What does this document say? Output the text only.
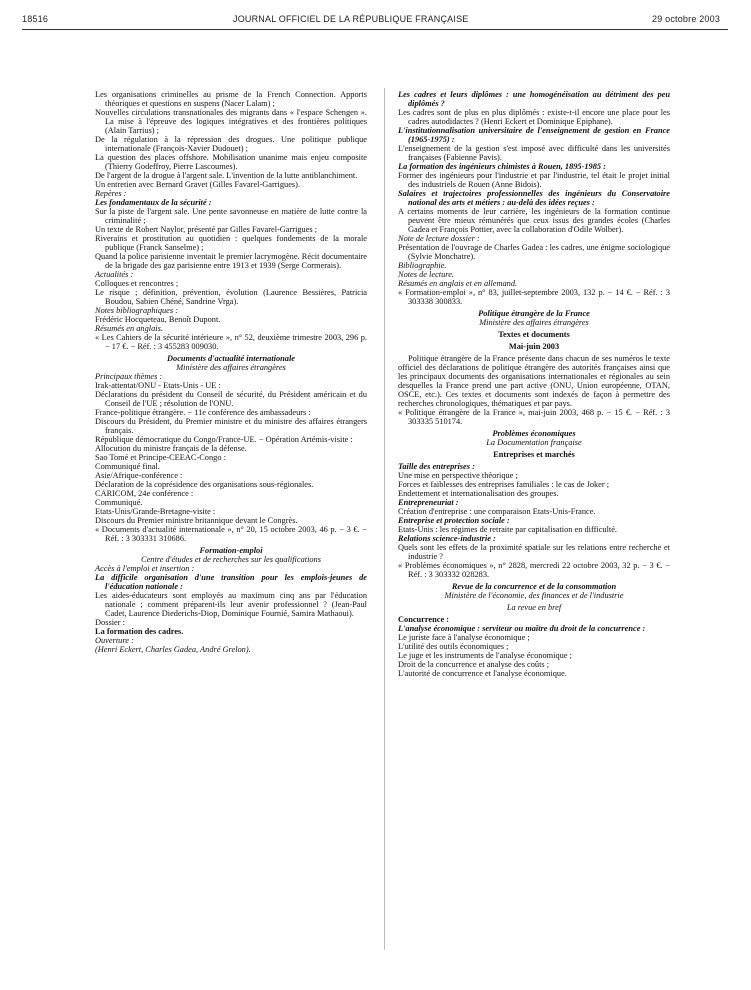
18516	JOURNAL OFFICIEL DE LA RÉPUBLIQUE FRANÇAISE	29 octobre 2003

Les organisations criminelles au prisme de la French Connection. Apports théoriques et questions en suspens (Nacer Lalam) ;

Nouvelles circulations transnationales des migrants dans « l'espace Schengen ». La mise à l'épreuve des logiques intégratives et des frontières politiques (Alain Tarrius) ;

De la régulation à la répression des drogues. Une politique publique internationale (François-Xavier Dudouet) ;

La question des places offshore. Mobilisation unanime mais enjeu composite (Thierry Godeffroy, Pierre Lascoumes).

De l'argent de la drogue à l'argent sale. L'invention de la lutte antiblanchiment.

Un entretien avec Bernard Gravet (Gilles Favarel-Garrigues).

Repères :

Les fondamentaux de la sécurité :

Sur la piste de l'argent sale. Une pente savonneuse en matière de lutte contre la criminalité ;

Un texte de Robert Naylor, présenté par Gilles Favarel-Garrigues ;

Riverains et prostitution au quotidien : quelques fondements de la morale publique (Franck Sanselme) ;

Quand la police parisienne inventait le premier lacrymogène. Récit documentaire de la brigade des gaz parisienne entre 1913 et 1939 (Serge Cormerais).

Actualités :

Colloques et rencontres ;

Le risque ; définition, prévention, évolution (Laurence Bessières, Patricia Boudou, Sabien Chéné, Sandrine Vrga).

Notes bibliographiques :

Frédéric Hocqueteau, Benoît Dupont.

Résumés en anglais.

« Les Cahiers de la sécurité intérieure », n° 52, deuxième trimestre 2003, 296 p. − 17 €. − Réf. : 3 455283 009030.

Documents d'actualité internationale

Ministère des affaires étrangères

Principaux thèmes :

Irak-attentat/ONU - Etats-Unis - UE :

Déclarations du président du Conseil de sécurité, du Président américain et du Conseil de l'UE ; résolution de l'ONU.

France-politique étrangère. − 11e conférence des ambassadeurs :

Discours du Président, du Premier ministre et du ministre des affaires étrangers français.

République démocratique du Congo/France-UE. − Opération Artémis-visite :

Allocution du ministre français de la défense.

Sao Tomé et Principe-CEEAC-Congo :

Communiqué final.

Asie/Afrique-conférence :

Déclaration de la coprésidence des organisations sous-régionales.

CARICOM, 24e conférence :

Communiqué.

Etats-Unis/Grande-Bretagne-visite :

Discours du Premier ministre britannique devant le Congrès.

« Documents d'actualité internationale », n° 20, 15 octobre 2003, 46 p. − 3 €. − Réf. : 3 303331 310686.

Formation-emploi

Centre d'études et de recherches sur les qualifications

Accès à l'emploi et insertion :

La difficile organisation d'une transition pour les emplois-jeunes de l'éducation nationale :

Les aides-éducateurs sont employés au maximum cinq ans par l'éducation nationale ; comment préparent-ils leur avenir professionnel ? (Jean-Paul Cadet, Laurence Diederichs-Diop, Dominique Fournié, Samira Mathaoui).

Dossier :

La formation des cadres.

Ouverture :

(Henri Eckert, Charles Gadea, André Grelon).

Les cadres et leurs diplômes : une homogénéisation au détriment des peu diplômés ?

Les cadres sont de plus en plus diplômés : existe-t-il encore une place pour les cadres autodidactes ? (Henri Eckert et Dominique Epiphane).

L'institutionnalisation universitaire de l'enseignement de gestion en France (1965-1975) :

L'enseignement de la gestion s'est imposé avec difficulté dans les universités françaises (Fabienne Pavis).

La formation des ingénieurs chimistes à Rouen, 1895-1985 :

Former des ingénieurs pour l'industrie et par l'industrie, tel était le projet initial des industriels de Rouen (Anne Bidois).

Salaires et trajectoires professionnelles des ingénieurs du Conservatoire national des arts et métiers : au-delà des idées reçues :

A certains moments de leur carrière, les ingénieurs de la formation continue peuvent être mieux rémunérés que ceux issus des grandes écoles (Charles Gadea et François Pottier, avec la collaboration d'Odile Wolber).

Note de lecture dossier :

Présentation de l'ouvrage de Charles Gadea : les cadres, une énigme sociologique (Sylvie Monchatre).

Bibliographie.

Notes de lecture.

Résumés en anglais et en allemand.

« Formation-emploi », n° 83, juillet-septembre 2003, 132 p. − 14 €. − Réf. : 3 303338 300833.

Politique étrangère de la France

Ministère des affaires étrangères

Textes et documents

Mai-juin 2003

Politique étrangère de la France présente dans chacun de ses numéros le texte officiel des déclarations de politique étrangère des autorités françaises ainsi que les principaux documents des organisations internationales et régionales au sein desquelles la France prend une part active (ONU, Union européenne, OTAN, OSCE, etc.). Ces textes et documents sont indexés de façon à permettre des recherches chronologiques, thématiques et par pays.

« Politique étrangère de la France », mai-juin 2003, 468 p. − 15 €. − Réf. : 3 303335 510174.

Problèmes économiques

La Documentation française

Entreprises et marchés

Taille des entreprises :

Une mise en perspective théorique ;

Forces et faiblesses des entreprises familiales : le cas de Joker ;

Endettement et internationalisation des groupes.

Entrepreneuriat :

Création d'entreprise : une comparaison Etats-Unis-France.

Entreprise et protection sociale :

Etats-Unis : les régimes de retraite par capitalisation en difficulté.

Relations science-industrie :

Quels sont les effets de la proximité spatiale sur les relations entre recherche et industrie ?

« Problèmes économiques », n° 2828, mercredi 22 octobre 2003, 32 p. − 3 €. − Réf. : 3 303332 028283.

Revue de la concurrence et de la consommation

Ministère de l'économie, des finances et de l'industrie

La revue en bref

Concurrence :

L'analyse économique : serviteur ou maître du droit de la concurrence :

Le juriste face à l'analyse économique ;

L'utilité des outils économiques ;

Le juge et les instruments de l'analyse économique ;

Droit de la concurrence et analyse des coûts ;

L'autorité de concurrence et l'analyse économique.
